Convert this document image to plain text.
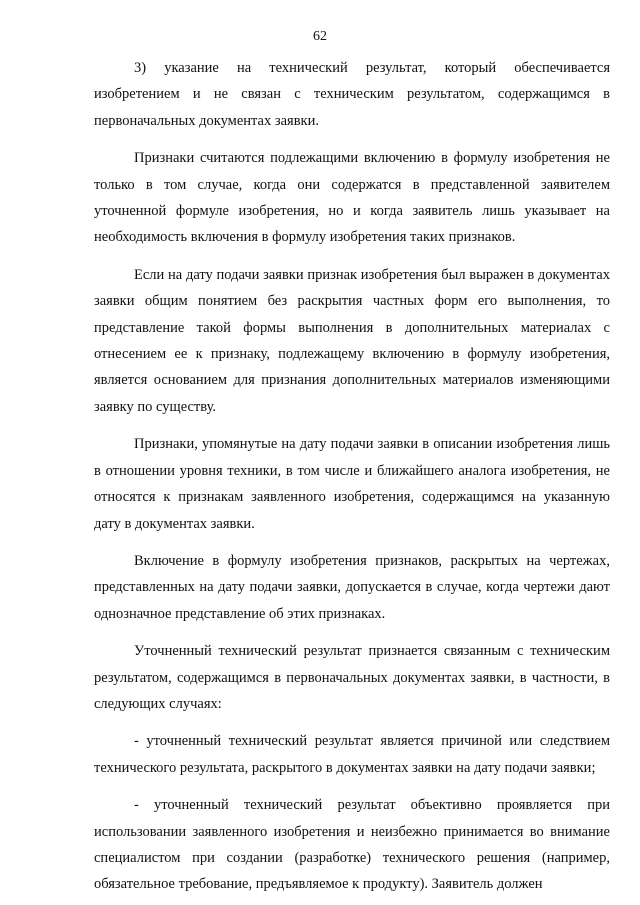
62

3) указание на технический результат, который обеспечивается изобретением и не связан с техническим результатом, содержащимся в первоначальных документах заявки.

Признаки считаются подлежащими включению в формулу изобретения не только в том случае, когда они содержатся в представленной заявителем уточненной формуле изобретения, но и когда заявитель лишь указывает на необходимость включения в формулу изобретения таких признаков.

Если на дату подачи заявки признак изобретения был выражен в документах заявки общим понятием без раскрытия частных форм его выполнения, то представление такой формы выполнения в дополнительных материалах с отнесением ее к признаку, подлежащему включению в формулу изобретения, является основанием для признания дополнительных материалов изменяющими заявку по существу.

Признаки, упомянутые на дату подачи заявки в описании изобретения лишь в отношении уровня техники, в том числе и ближайшего аналога изобретения, не относятся к признакам заявленного изобретения, содержащимся на указанную дату в документах заявки.

Включение в формулу изобретения признаков, раскрытых на чертежах, представленных на дату подачи заявки, допускается в случае, когда чертежи дают однозначное представление об этих признаках.

Уточненный технический результат признается связанным с техническим результатом, содержащимся в первоначальных документах заявки, в частности, в следующих случаях:

- уточненный технический результат является причиной или следствием технического результата, раскрытого в документах заявки на дату подачи заявки;

- уточненный технический результат объективно проявляется при использовании заявленного изобретения и неизбежно принимается во внимание специалистом при создании (разработке) технического решения (например, обязательное требование, предъявляемое к продукту). Заявитель должен
